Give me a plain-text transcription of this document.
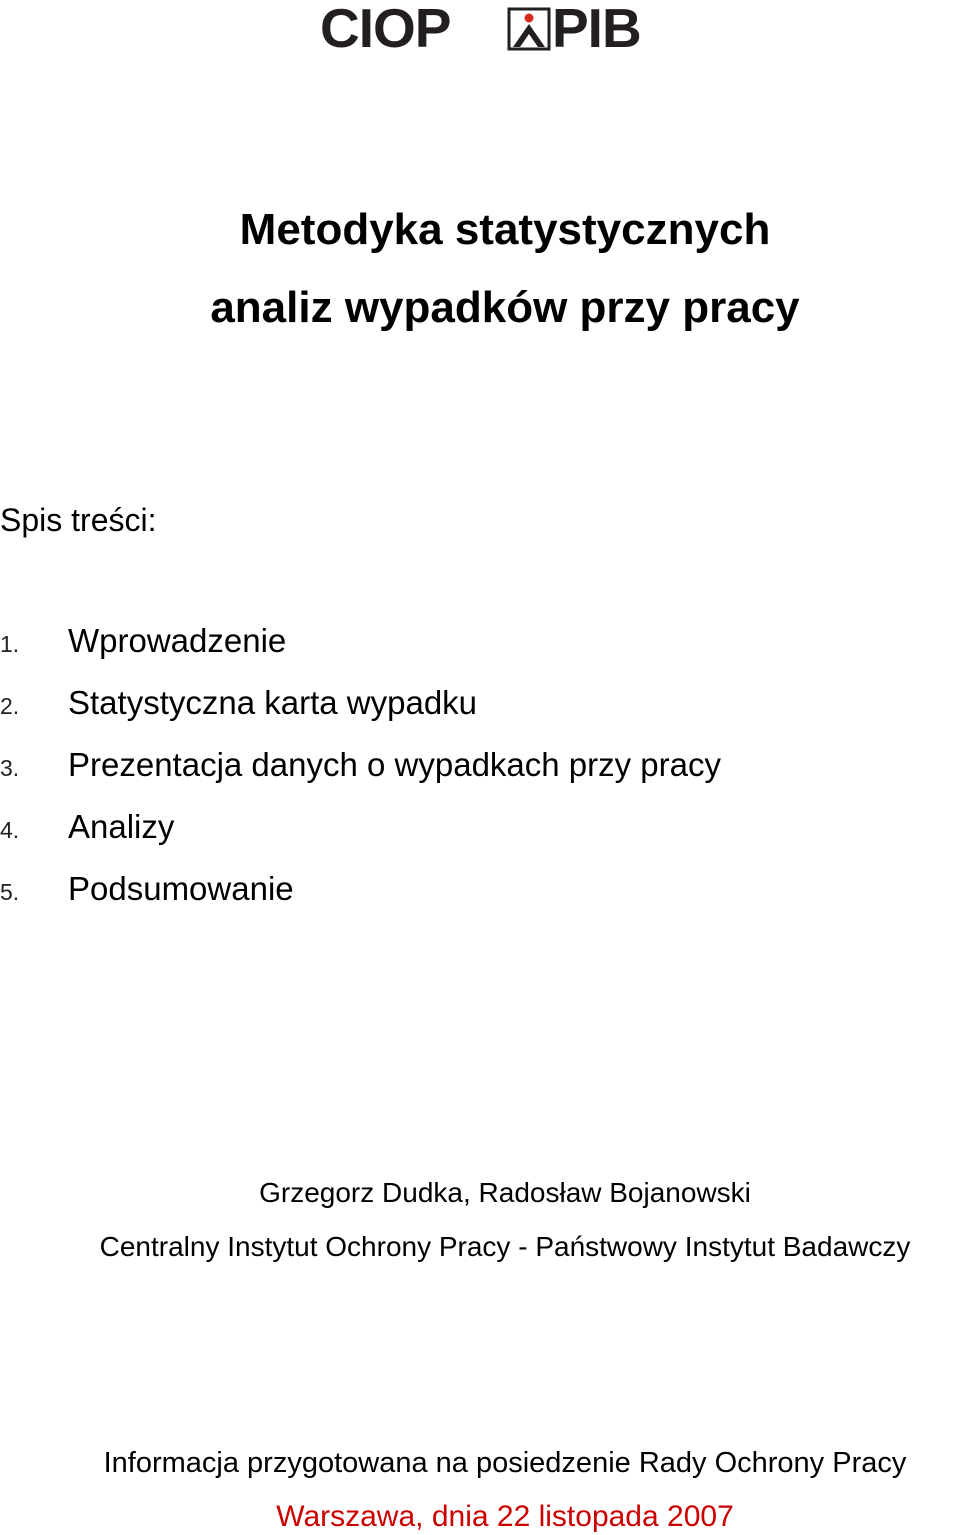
CIOP PIB
Metodyka statystycznych
analiz wypadków przy pracy
Spis treści:
1. Wprowadzenie
2. Statystyczna karta wypadku
3. Prezentacja danych o wypadkach przy pracy
4. Analizy
5. Podsumowanie
Grzegorz Dudka, Radosław Bojanowski
Centralny Instytut Ochrony Pracy - Państwowy Instytut Badawczy
Informacja przygotowana na posiedzenie Rady Ochrony Pracy
Warszawa, dnia 22 listopada 2007
